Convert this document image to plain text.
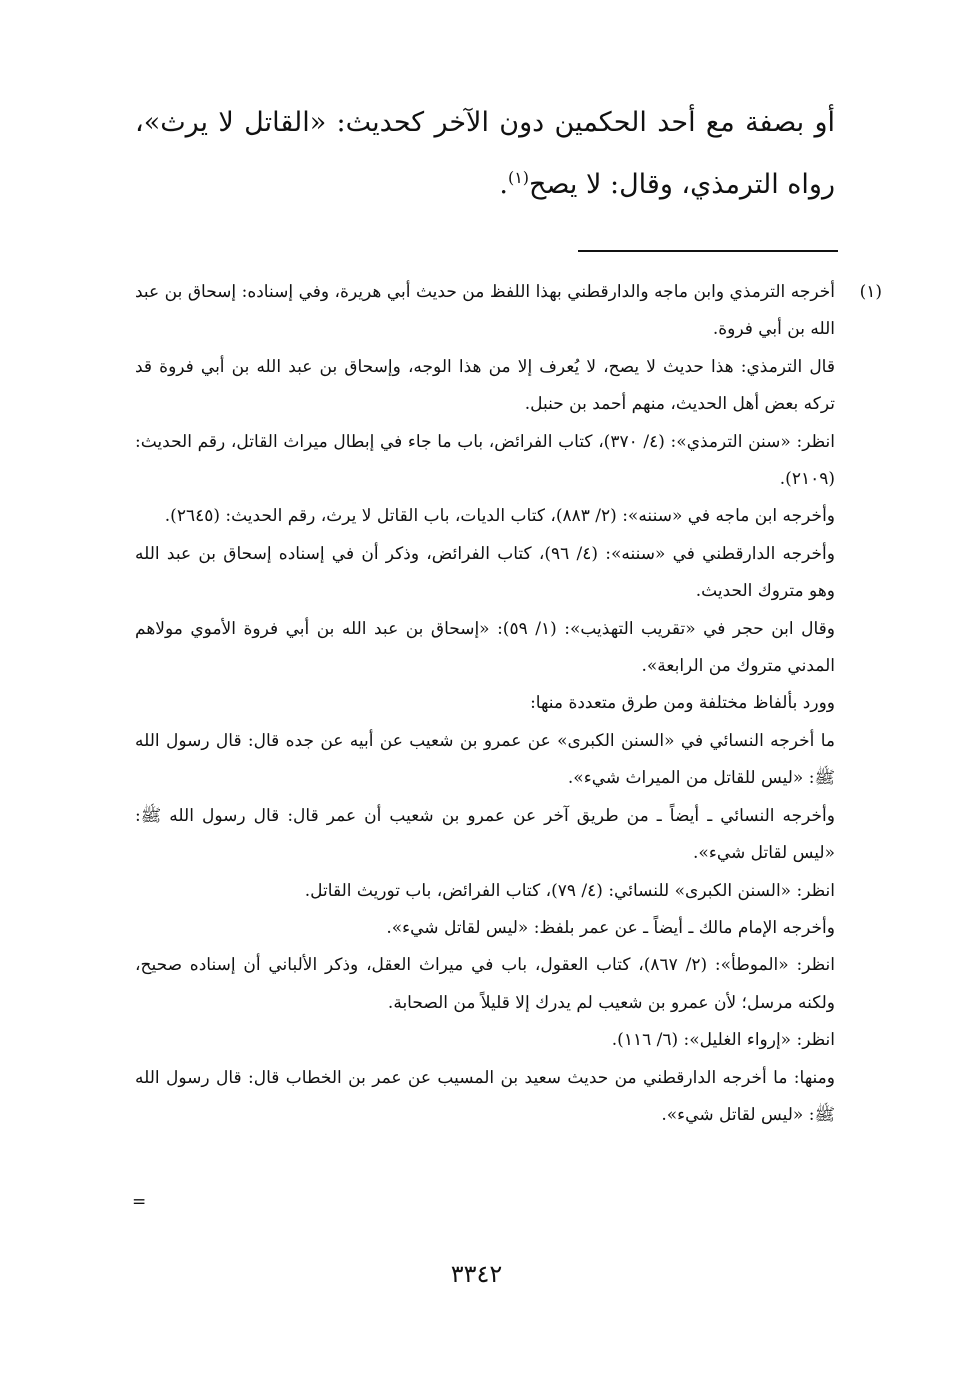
أو بصفة مع أحد الحكمين دون الآخر كحديث: «القاتل لا يرث»، رواه الترمذي، وقال: لا يصح$^{(١)}$.
(١)

أخرجه الترمذي وابن ماجه والدارقطني بهذا اللفظ من حديث أبي هريرة، وفي إسناده: إسحاق بن عبد الله بن أبي فروة.

قال الترمذي: هذا حديث لا يصح، لا يُعرف إلا من هذا الوجه، وإسحاق بن عبد الله بن أبي فروة قد تركه بعض أهل الحديث، منهم أحمد بن حنبل.

انظر: «سنن الترمذي»: (٤/ ٣٧٠)، كتاب الفرائض، باب ما جاء في إبطال ميراث القاتل، رقم الحديث: (٢١٠٩).

وأخرجه ابن ماجه في «سننه»: (٢/ ٨٨٣)، كتاب الديات، باب القاتل لا يرث، رقم الحديث: (٢٦٤٥).

وأخرجه الدارقطني في «سننه»: (٤/ ٩٦)، كتاب الفرائض، وذكر أن في إسناده إسحاق بن عبد الله وهو متروك الحديث.

وقال ابن حجر في «تقريب التهذيب»: (١/ ٥٩): «إسحاق بن عبد الله بن أبي فروة الأموي مولاهم المدني متروك من الرابعة».

وورد بألفاظ مختلفة ومن طرق متعددة منها:

ما أخرجه النسائي في «السنن الكبرى» عن عمرو بن شعيب عن أبيه عن جده قال: قال رسول الله ﷺ: «ليس للقاتل من الميراث شيء».

وأخرجه النسائي ـ أيضاً ـ من طريق آخر عن عمرو بن شعيب أن عمر قال: قال رسول الله ﷺ: «ليس لقاتل شيء».

انظر: «السنن الكبرى» للنسائي: (٤/ ٧٩)، كتاب الفرائض، باب توريث القاتل.

وأخرجه الإمام مالك ـ أيضاً ـ عن عمر بلفظ: «ليس لقاتل شيء».

انظر: «الموطأ»: (٢/ ٨٦٧)، كتاب العقول، باب في ميراث العقل، وذكر الألباني أن إسناده صحيح، ولكنه مرسل؛ لأن عمرو بن شعيب لم يدرك إلا قليلاً من الصحابة.

انظر: «إرواء الغليل»: (٦/ ١١٦).

ومنها: ما أخرجه الدارقطني من حديث سعيد بن المسيب عن عمر بن الخطاب قال: قال رسول الله ﷺ: «ليس لقاتل شيء».

=
٣٣٤٢
